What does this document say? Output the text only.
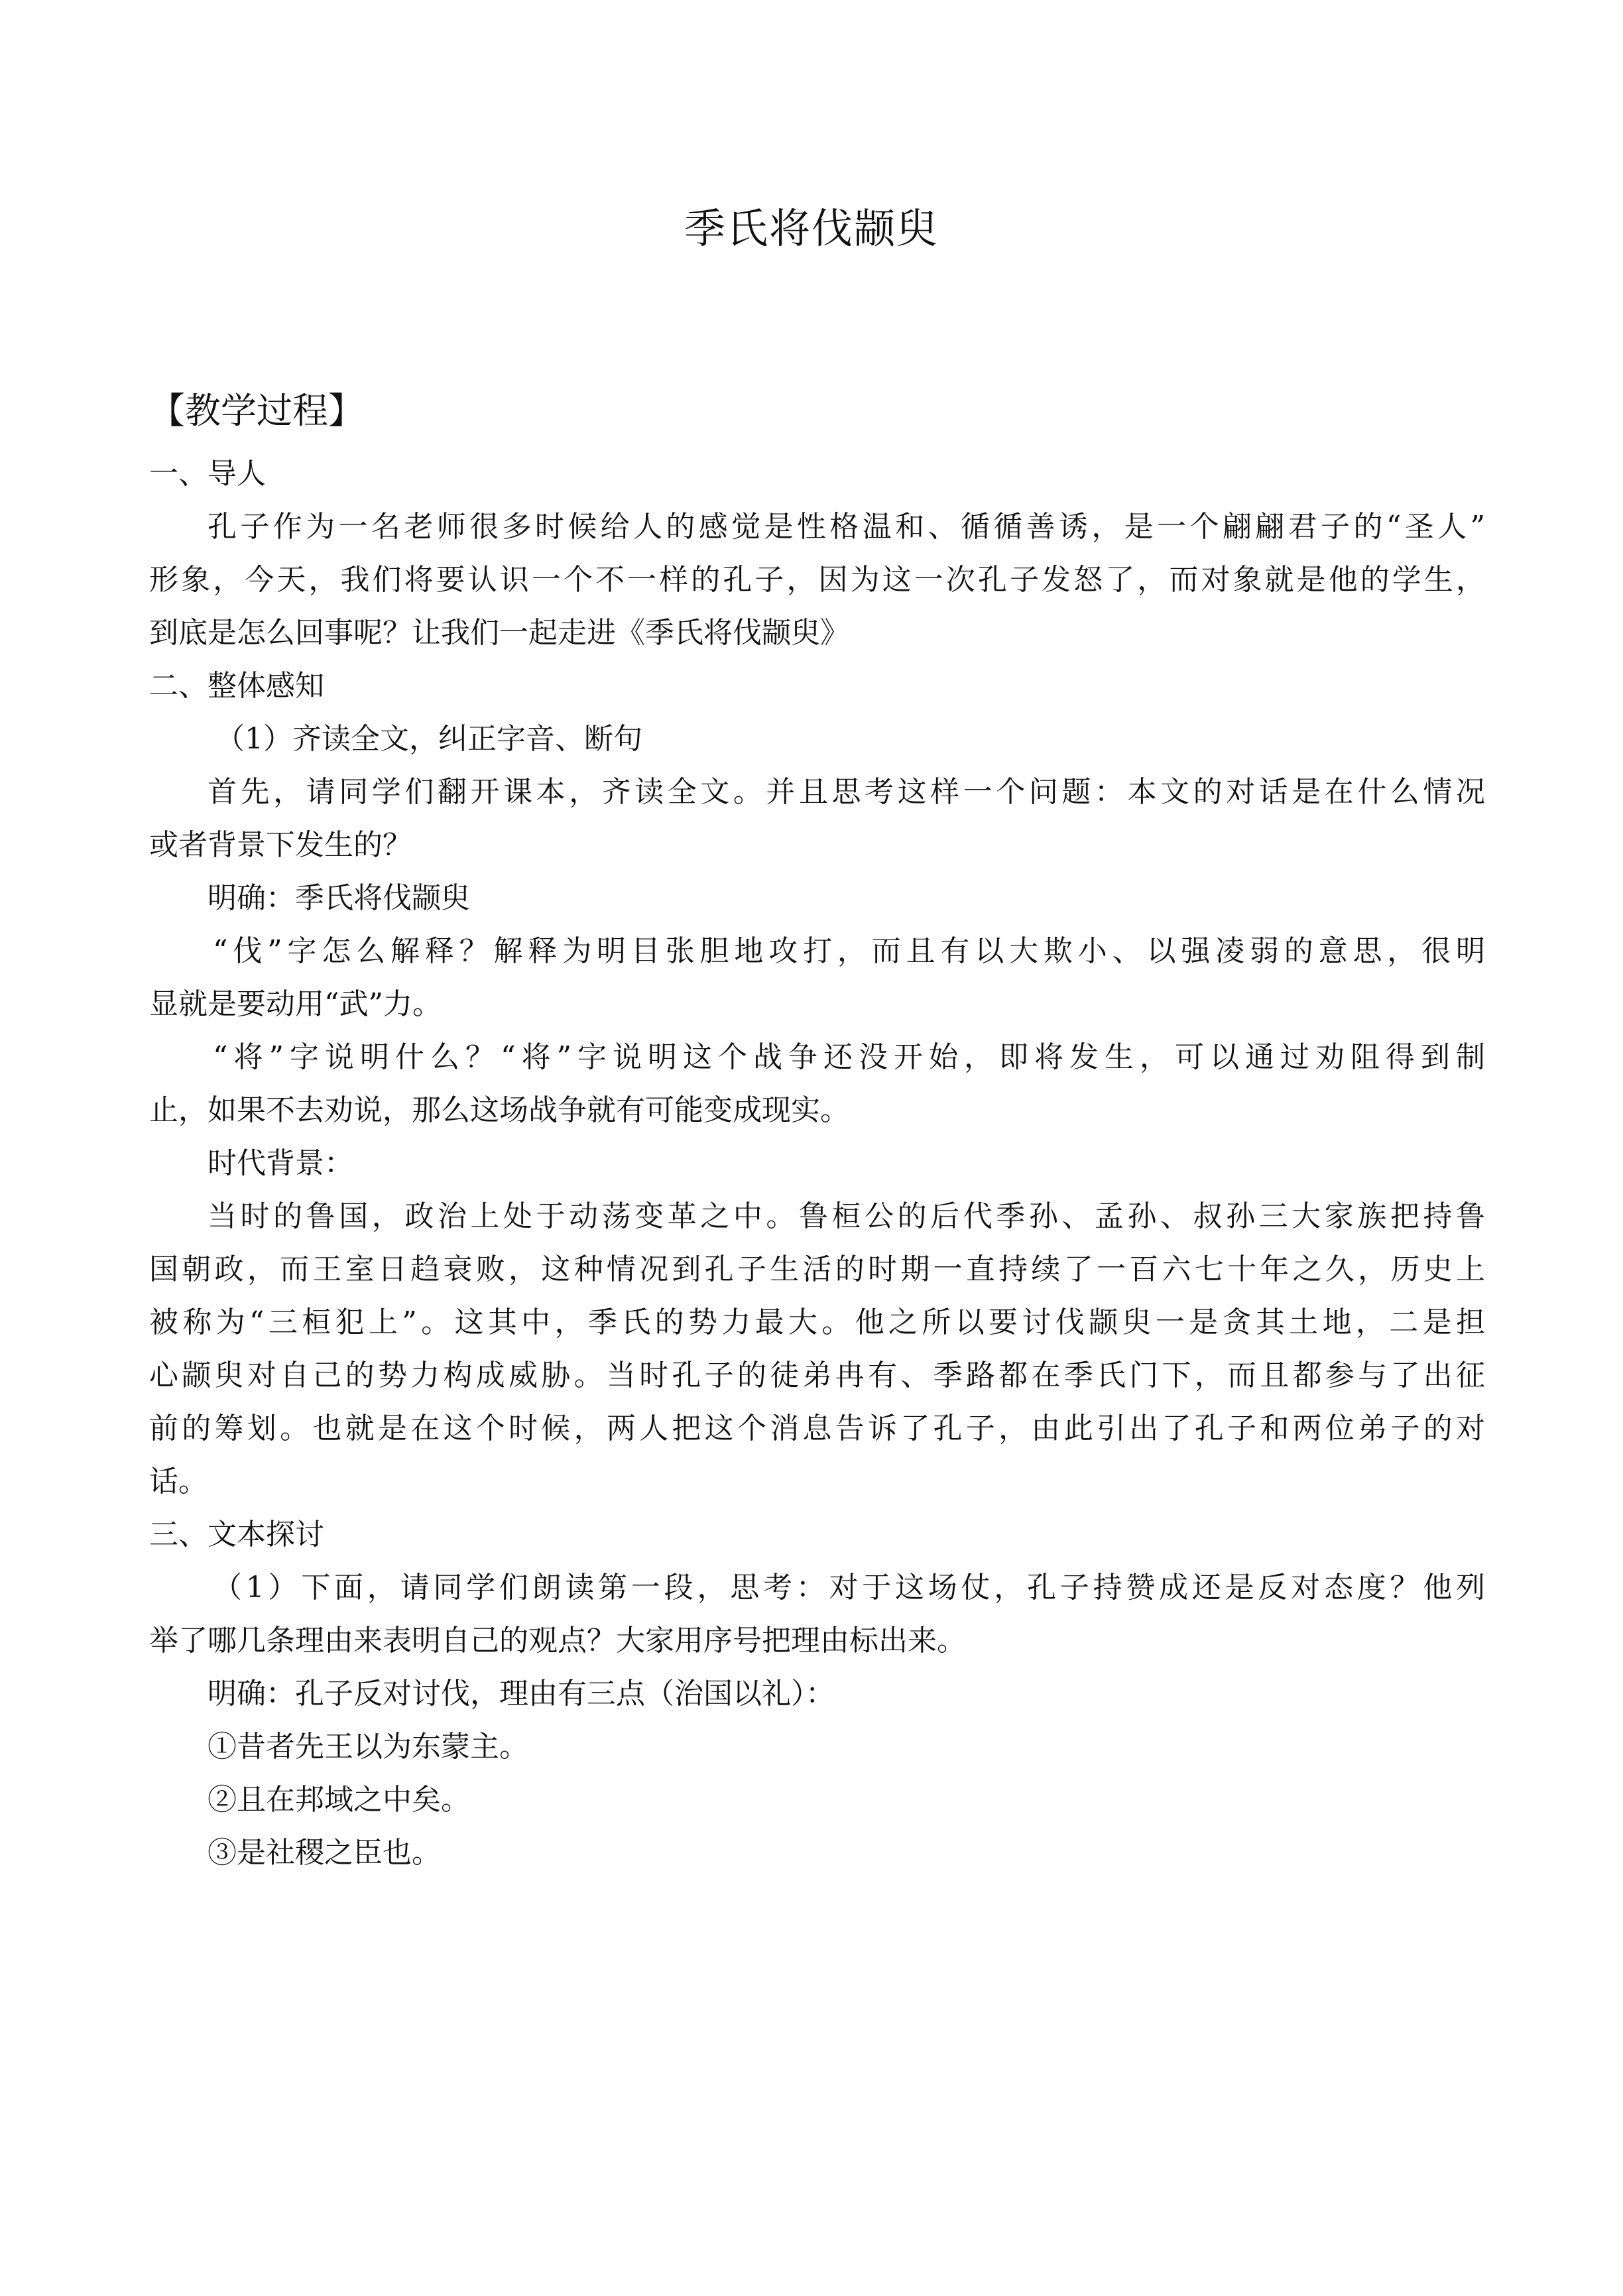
季氏将伐颛臾
【教学过程】
一、导人
孔子作为一名老师很多时候给人的感觉是性格温和、循循善诱，是一个翩翩君子的“圣人”
形象，今天，我们将要认识一个不一样的孔子，因为这一次孔子发怒了，而对象就是他的学生，
到底是怎么回事呢？让我们一起走进《季氏将伐颛臾》
二、整体感知
（1）齐读全文，纠正字音、断句
首先，请同学们翻开课本，齐读全文。并且思考这样一个问题：本文的对话是在什么情况
或者背景下发生的？
明确：季氏将伐颛臾
“伐”字怎么解释？解释为明目张胆地攻打，而且有以大欺小、以强凌弱的意思，很明
显就是要动用“武”力。
“将”字说明什么？“将”字说明这个战争还没开始，即将发生，可以通过劝阻得到制
止，如果不去劝说，那么这场战争就有可能变成现实。
时代背景：
当时的鲁国，政治上处于动荡变革之中。鲁桓公的后代季孙、孟孙、叔孙三大家族把持鲁
国朝政，而王室日趋衰败，这种情况到孔子生活的时期一直持续了一百六七十年之久，历史上
被称为“三桓犯上”。这其中，季氏的势力最大。他之所以要讨伐颛臾一是贪其土地，二是担
心颛臾对自己的势力构成威胁。当时孔子的徒弟冉有、季路都在季氏门下，而且都参与了出征
前的筹划。也就是在这个时候，两人把这个消息告诉了孔子，由此引出了孔子和两位弟子的对
话。
三、文本探讨
（1）下面，请同学们朗读第一段，思考：对于这场仗，孔子持赞成还是反对态度？他列
举了哪几条理由来表明自己的观点？大家用序号把理由标出来。
明确：孔子反对讨伐，理由有三点（治国以礼）：
①昔者先王以为东蒙主。
②且在邦域之中矣。
③是社稷之臣也。
